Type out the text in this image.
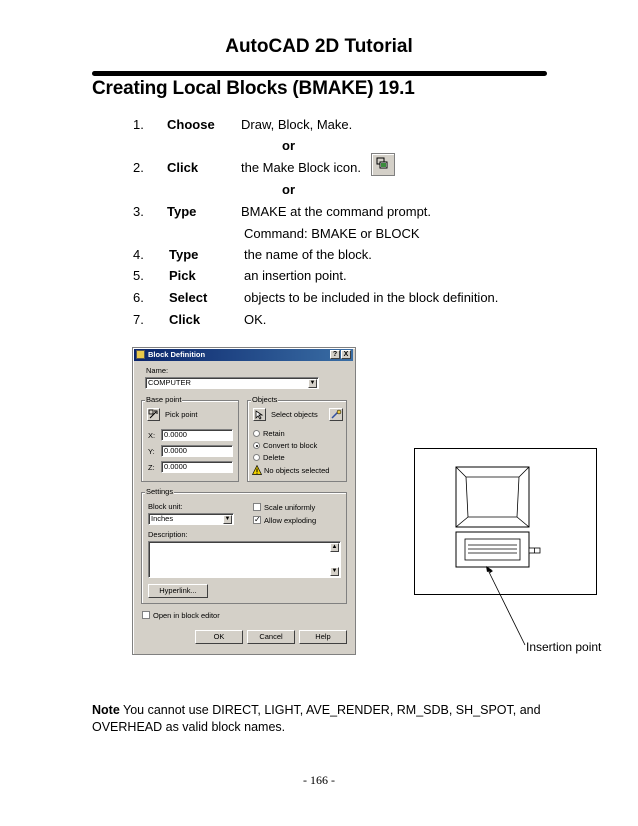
AutoCAD 2D Tutorial
Creating Local Blocks (BMAKE) 19.1
1. Choose Draw, Block, Make.
or
2. Click	the Make Block icon.
or
3. Type	BMAKE at the command prompt.
Command: BMAKE or BLOCK
4. Type	the name of the block.
5. Pick	an insertion point.
6. Select	objects to be included in the block definition.
7. Click	OK.
Block Definition	? X
Name:
COMPUTER	▼
Base point
Pick point
X:	0.0000
Y:	0.0000
Z:	0.0000
Objects
Select objects
Retain
Convert to block
Delete
No objects selected
Settings
Block unit:
Inches	▼
Scale uniformly
✓ Allow exploding
Description:
▲
▼
Hyperlink...
Open in block editor
OK	Cancel	Help
Insertion point
Note You cannot use DIRECT, LIGHT, AVE_RENDER, RM_SDB, SH_SPOT, and OVERHEAD as valid block names.
- 166 -
